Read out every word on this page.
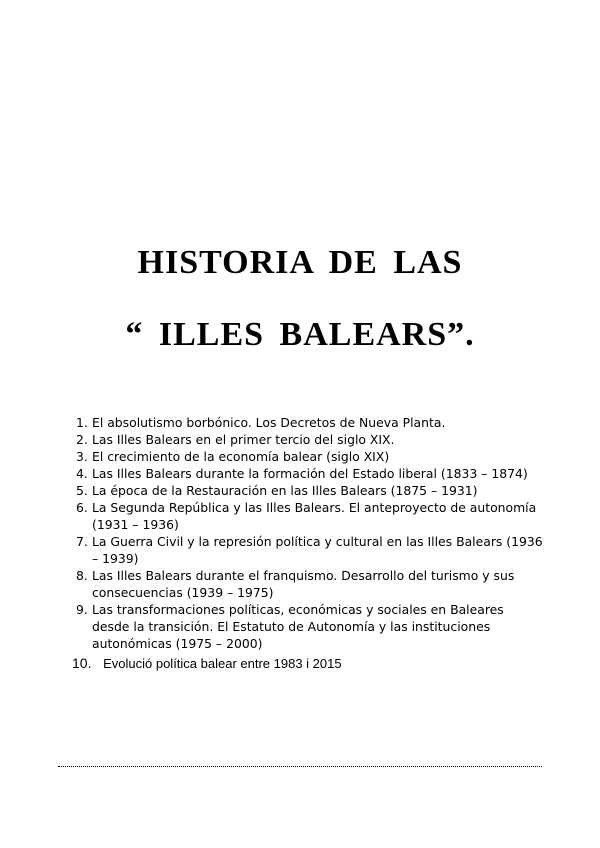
HISTORIA DE LAS
“ ILLES BALEARS”.
1. El absolutismo borbónico. Los Decretos de Nueva Planta.
2. Las Illes Balears en el primer tercio del siglo XIX.
3. El crecimiento de la economía balear (siglo XIX)
4. Las Illes Balears durante la formación del Estado liberal (1833 – 1874)
5. La época de la Restauración en las Illes Balears (1875 – 1931)
6. La Segunda República y las Illes Balears. El anteproyecto de autonomía (1931 – 1936)
7. La Guerra Civil y la represión política y cultural en las Illes Balears (1936 – 1939)
8. Las Illes Balears durante el franquismo. Desarrollo del turismo y sus consecuencias (1939 – 1975)
9. Las transformaciones políticas, económicas y sociales en Baleares desde la transición. El Estatuto de Autonomía y las instituciones autonómicas (1975 – 2000)
10. Evolució política balear entre 1983 i 2015
